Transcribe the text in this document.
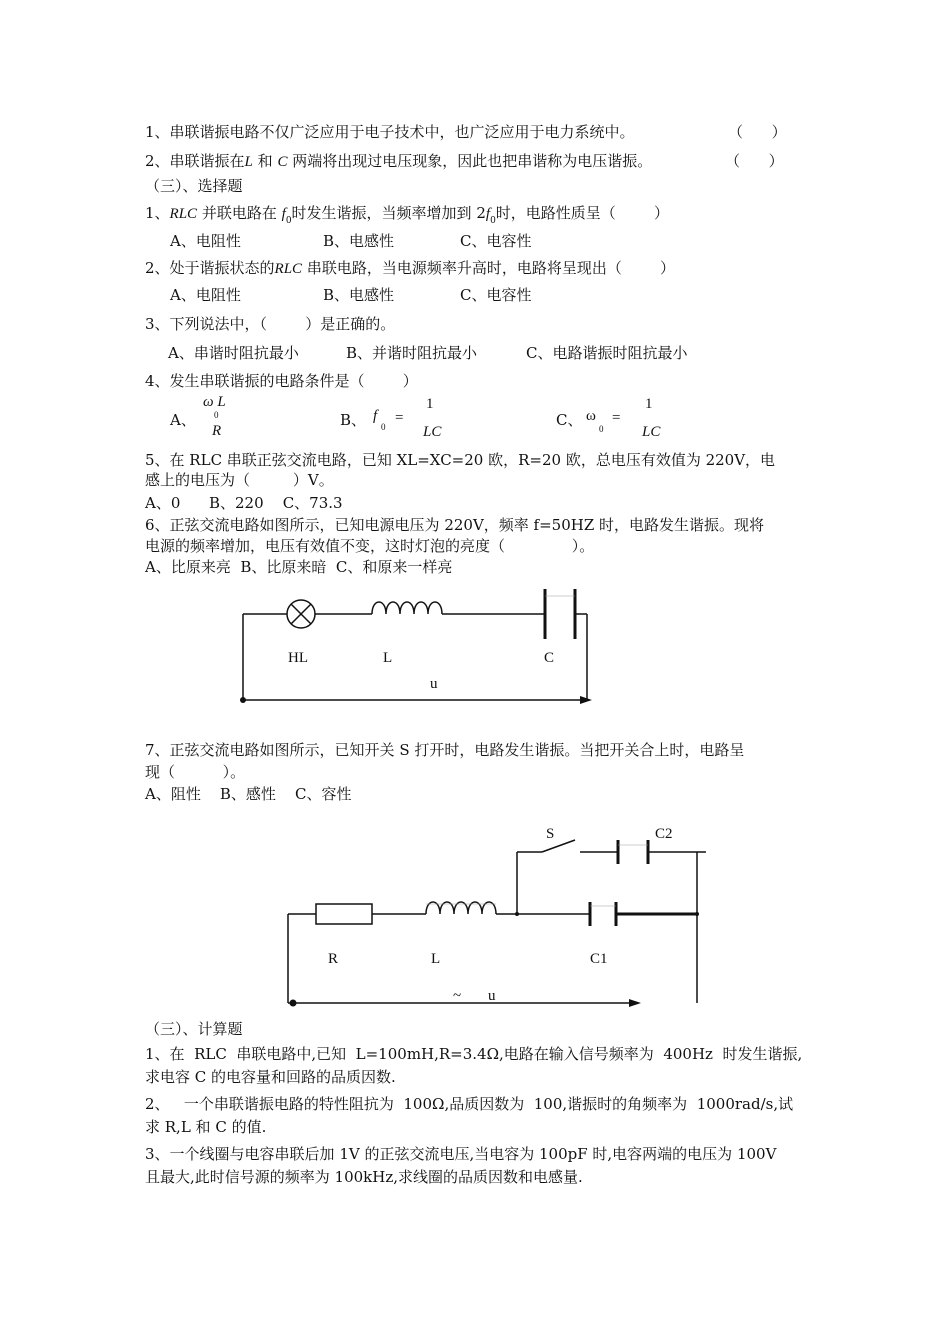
1、串联谐振电路不仅广泛应用于电子技术中，也广泛应用于电力系统中。	（      ）
2、串联谐振在L 和 C 两端将出现过电压现象，因此也把串谐称为电压谐振。	（      ）
（三）、选择题
1、RLC 并联电路在 $f_0$时发生谐振，当频率增加到 $2f_0$时，电路性质呈（        ）
A、电阻性	B、电感性	C、电容性
2、处于谐振状态的RLC 串联电路，当电源频率升高时，电路将呈现出（        ）
A、电阻性	B、电感性	C、电容性
3、下列说法中，（        ）是正确的。
A、串谐时阻抗最小	B、并谐时阻抗最小	C、电路谐振时阻抗最小
4、发生串联谐振的电路条件是（        ）
A、
ω L
0
R
B、 f
0
=
1
LC
C、 ω
0
=
1
LC
5、在 RLC 串联正弦交流电路，已知 XL=XC=20 欧，R=20 欧，总电压有效值为 220V，电
感上的电压为（         ）V。
A、0      B、220    C、73.3
6、正弦交流电路如图所示，已知电源电压为 220V，频率 f=50HZ 时，电路发生谐振。现将
电源的频率增加，电压有效值不变，这时灯泡的亮度（              ）。
A、比原来亮  B、比原来暗  C、和原来一样亮
HL	L	C
u
7、正弦交流电路如图所示，已知开关 S 打开时，电路发生谐振。当把开关合上时，电路呈
现（          ）。
A、阻性    B、感性    C、容性
S	C2
R	L	C1
~ u
（三）、计算题
1、在  RLC  串联电路中,已知  L=100mH,R=3.4Ω,电路在输入信号频率为  400Hz  时发生谐振,
求电容 C 的电容量和回路的品质因数.
2、   一个串联谐振电路的特性阻抗为  100Ω,品质因数为  100,谐振时的角频率为  1000rad/s,试
求 R,L 和 C 的值.
3、一个线圈与电容串联后加 1V 的正弦交流电压,当电容为 100pF 时,电容两端的电压为 100V
且最大,此时信号源的频率为 100kHz,求线圈的品质因数和电感量.
